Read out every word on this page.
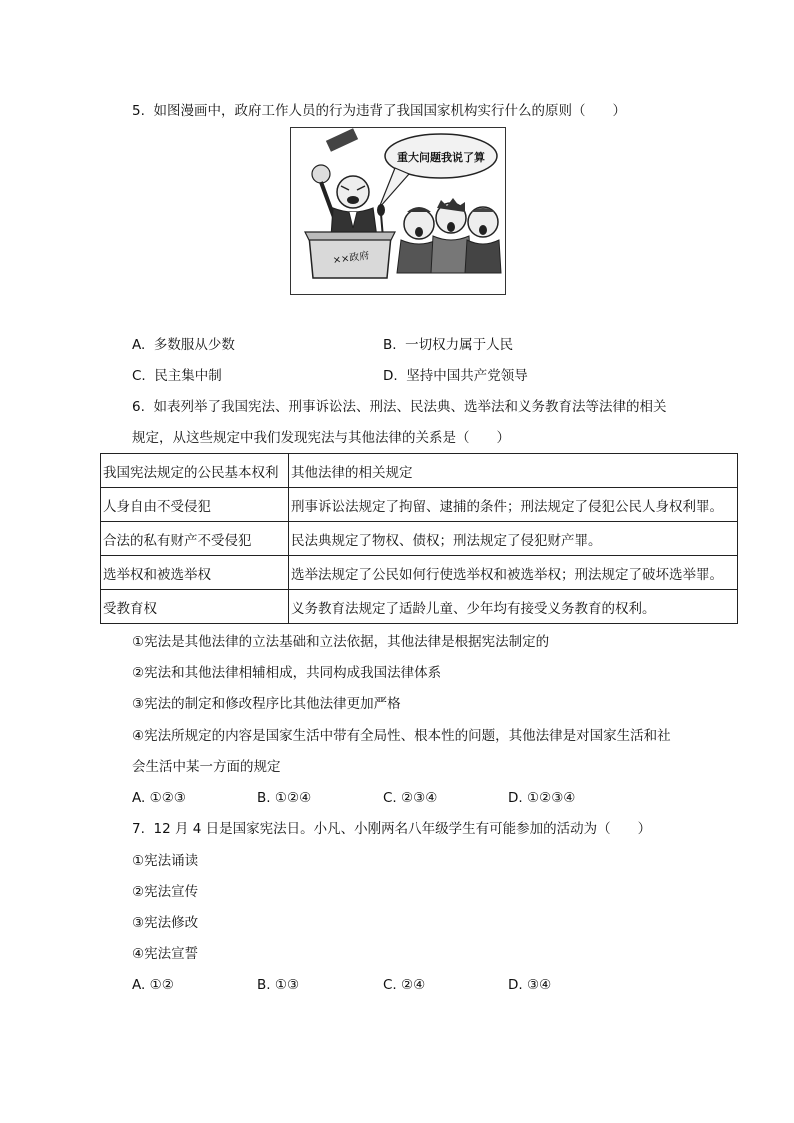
5. 如图漫画中，政府工作人员的行为违背了我国国家机构实行什么的原则（　　）
重大问题我说了算
××政府
A. 多数服从少数	B. 一切权力属于人民
C. 民主集中制	D. 坚持中国共产党领导
6. 如表列举了我国宪法、刑事诉讼法、刑法、民法典、选举法和义务教育法等法律的相关
规定，从这些规定中我们发现宪法与其他法律的关系是（　　）
我国宪法规定的公民基本权利	其他法律的相关规定
人身自由不受侵犯	刑事诉讼法规定了拘留、逮捕的条件；刑法规定了侵犯公民人身权利罪。
合法的私有财产不受侵犯	民法典规定了物权、债权；刑法规定了侵犯财产罪。
选举权和被选举权	选举法规定了公民如何行使选举权和被选举权；刑法规定了破坏选举罪。
受教育权	义务教育法规定了适龄儿童、少年均有接受义务教育的权利。
①宪法是其他法律的立法基础和立法依据，其他法律是根据宪法制定的
②宪法和其他法律相辅相成，共同构成我国法律体系
③宪法的制定和修改程序比其他法律更加严格
④宪法所规定的内容是国家生活中带有全局性、根本性的问题，其他法律是对国家生活和社
会生活中某一方面的规定
A. ①②③	B. ①②④	C. ②③④	D. ①②③④
7. 12 月 4 日是国家宪法日。小凡、小刚两名八年级学生有可能参加的活动为（　　）
①宪法诵读
②宪法宣传
③宪法修改
④宪法宣誓
A. ①②	B. ①③	C. ②④	D. ③④
